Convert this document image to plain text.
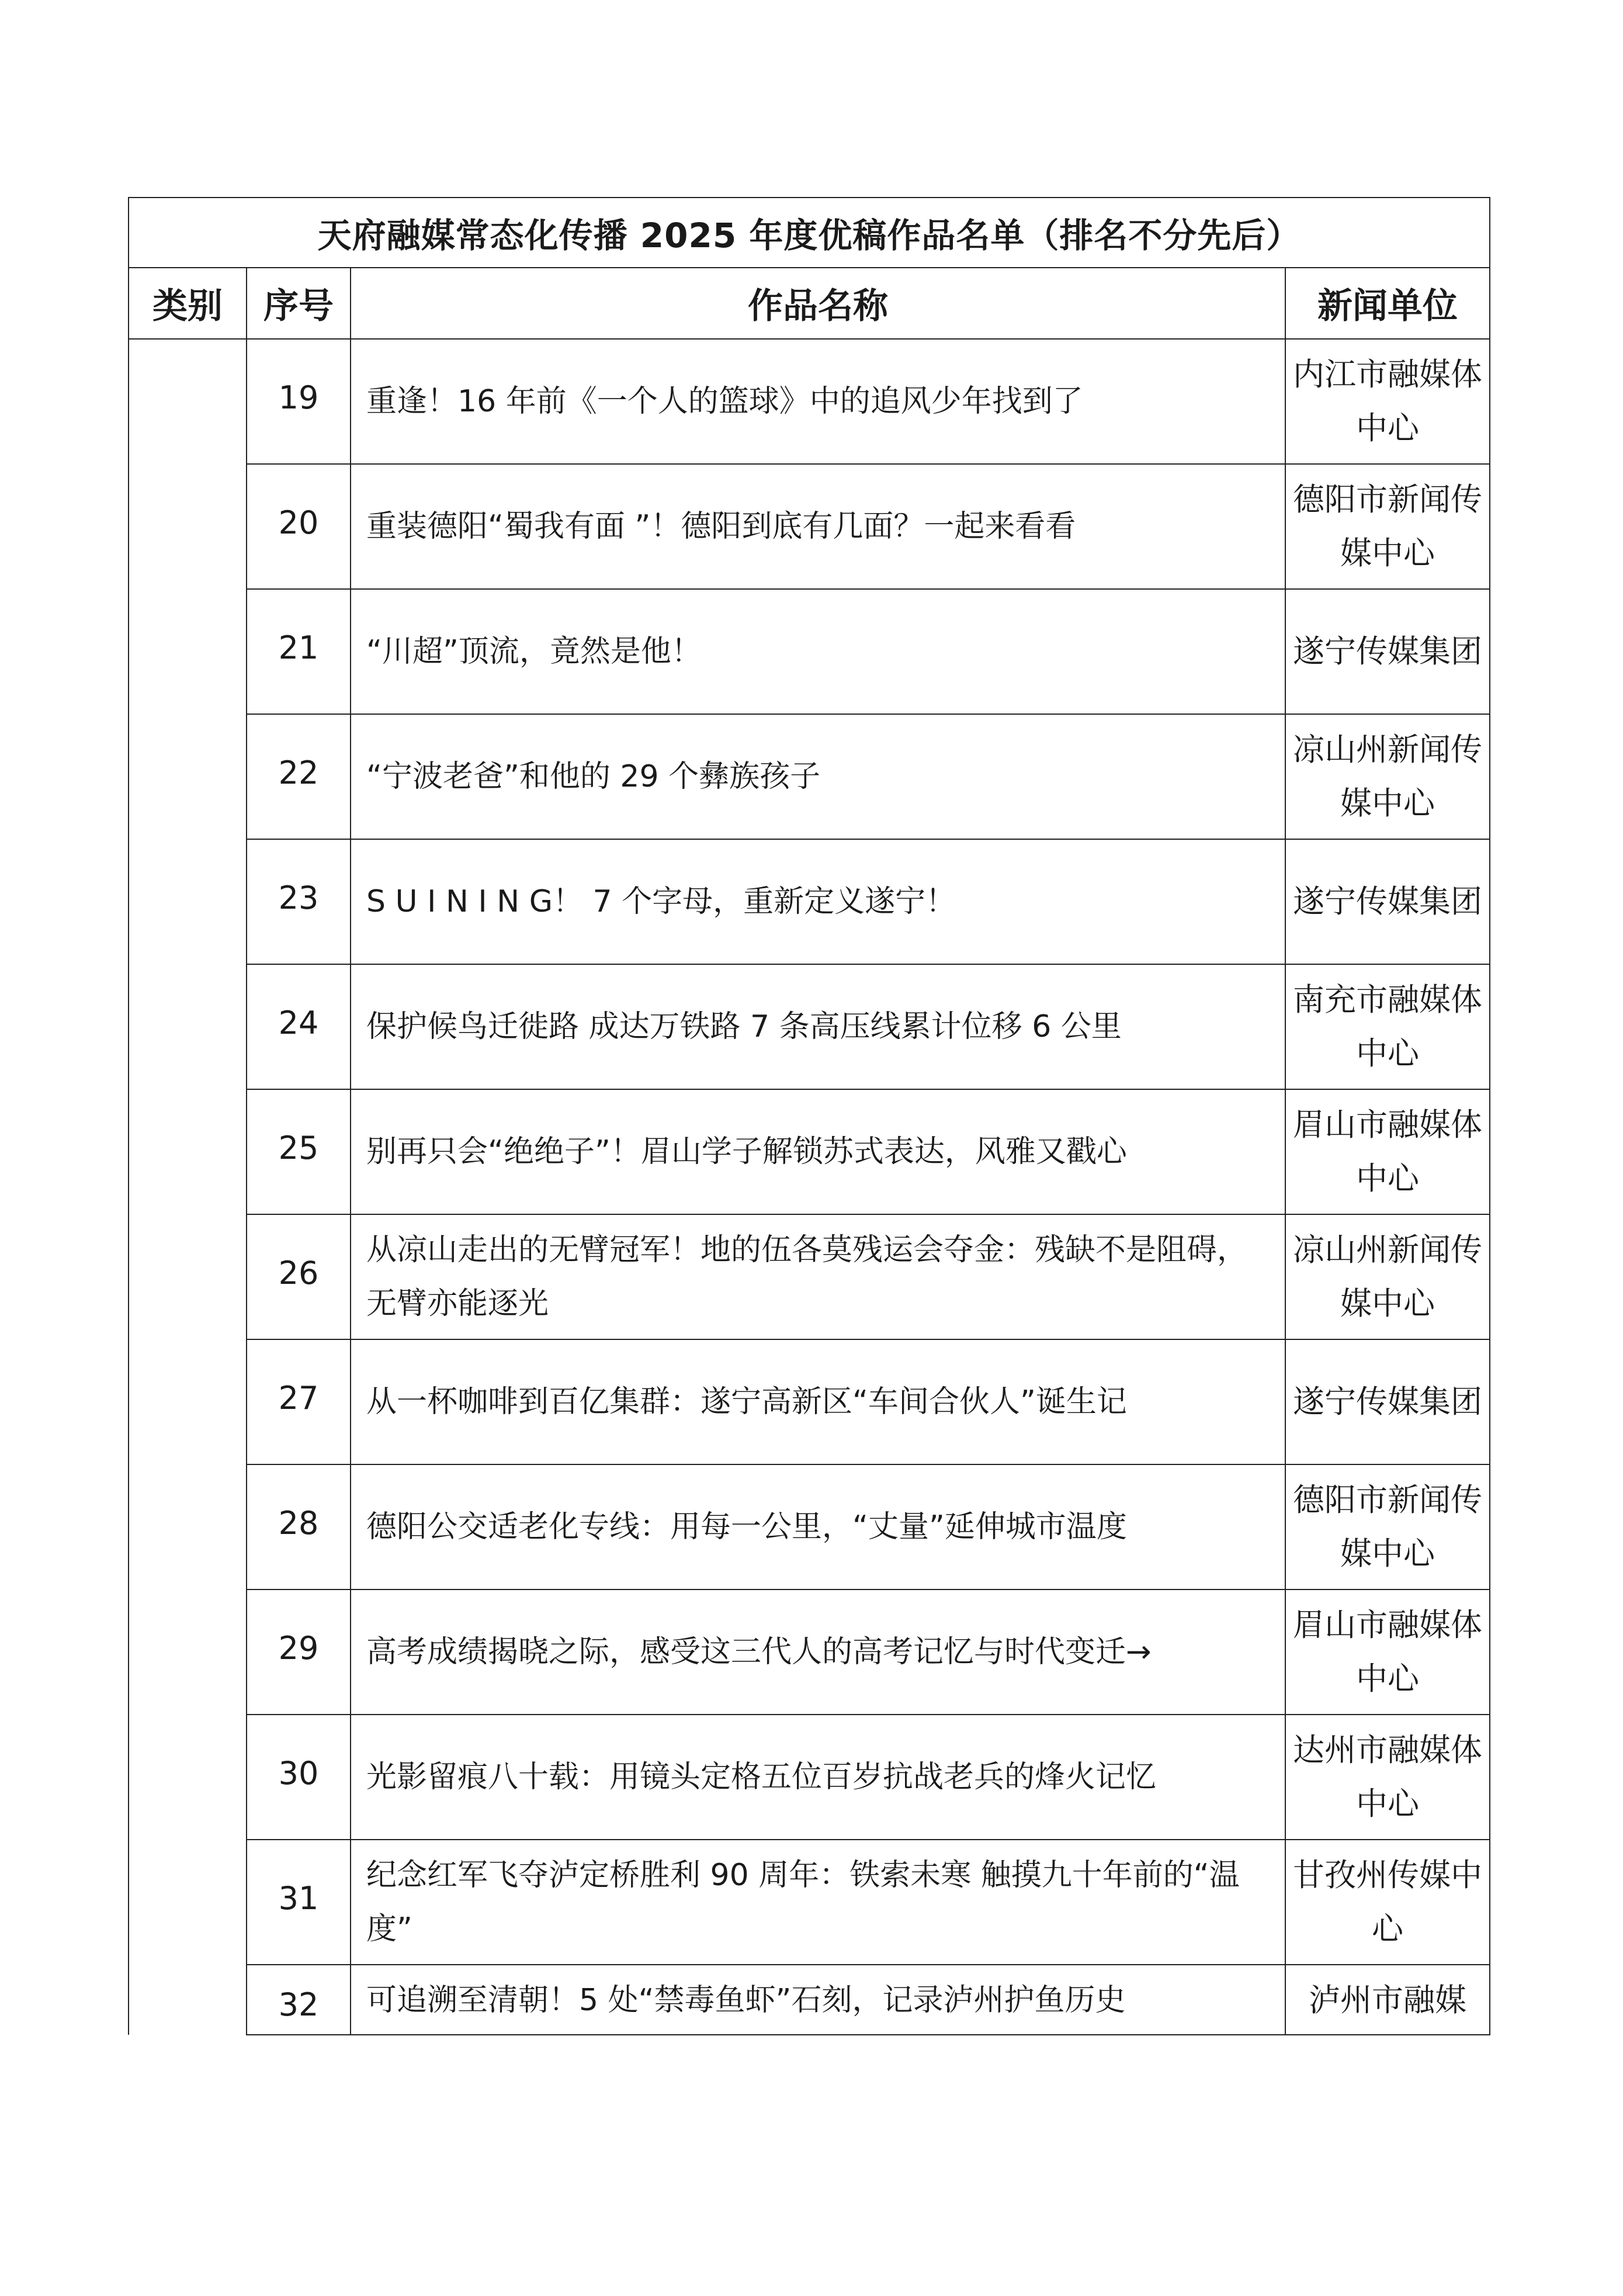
天府融媒常态化传播 2025 年度优稿作品名单（排名不分先后）			
类别	序号	作品名称	新闻单位
	19	重逢！16 年前《一个人的篮球》中的追风少年找到了	内江市融媒体中心
	20	重装德阳“蜀我有面 ”！德阳到底有几面？一起来看看	德阳市新闻传媒中心
	21	“川超”顶流，竟然是他！	遂宁传媒集团
	22	“宁波老爸”和他的 29 个彝族孩子	凉山州新闻传媒中心
	23	S U I N I N G！ 7 个字母，重新定义遂宁！	遂宁传媒集团
	24	保护候鸟迁徙路 成达万铁路 7 条高压线累计位移 6 公里	南充市融媒体中心
	25	别再只会“绝绝子”！眉山学子解锁苏式表达，风雅又戳心	眉山市融媒体中心
	26	从凉山走出的无臂冠军！地的伍各莫残运会夺金：残缺不是阻碍，无臂亦能逐光	凉山州新闻传媒中心
	27	从一杯咖啡到百亿集群：遂宁高新区“车间合伙人”诞生记	遂宁传媒集团
	28	德阳公交适老化专线：用每一公里，“丈量”延伸城市温度	德阳市新闻传媒中心
	29	高考成绩揭晓之际，感受这三代人的高考记忆与时代变迁→	眉山市融媒体中心
	30	光影留痕八十载：用镜头定格五位百岁抗战老兵的烽火记忆	达州市融媒体中心
	31	纪念红军飞夺泸定桥胜利 90 周年：铁索未寒 触摸九十年前的“温度”	甘孜州传媒中心
	32	可追溯至清朝！5 处“禁毒鱼虾”石刻，记录泸州护鱼历史	泸州市融媒
